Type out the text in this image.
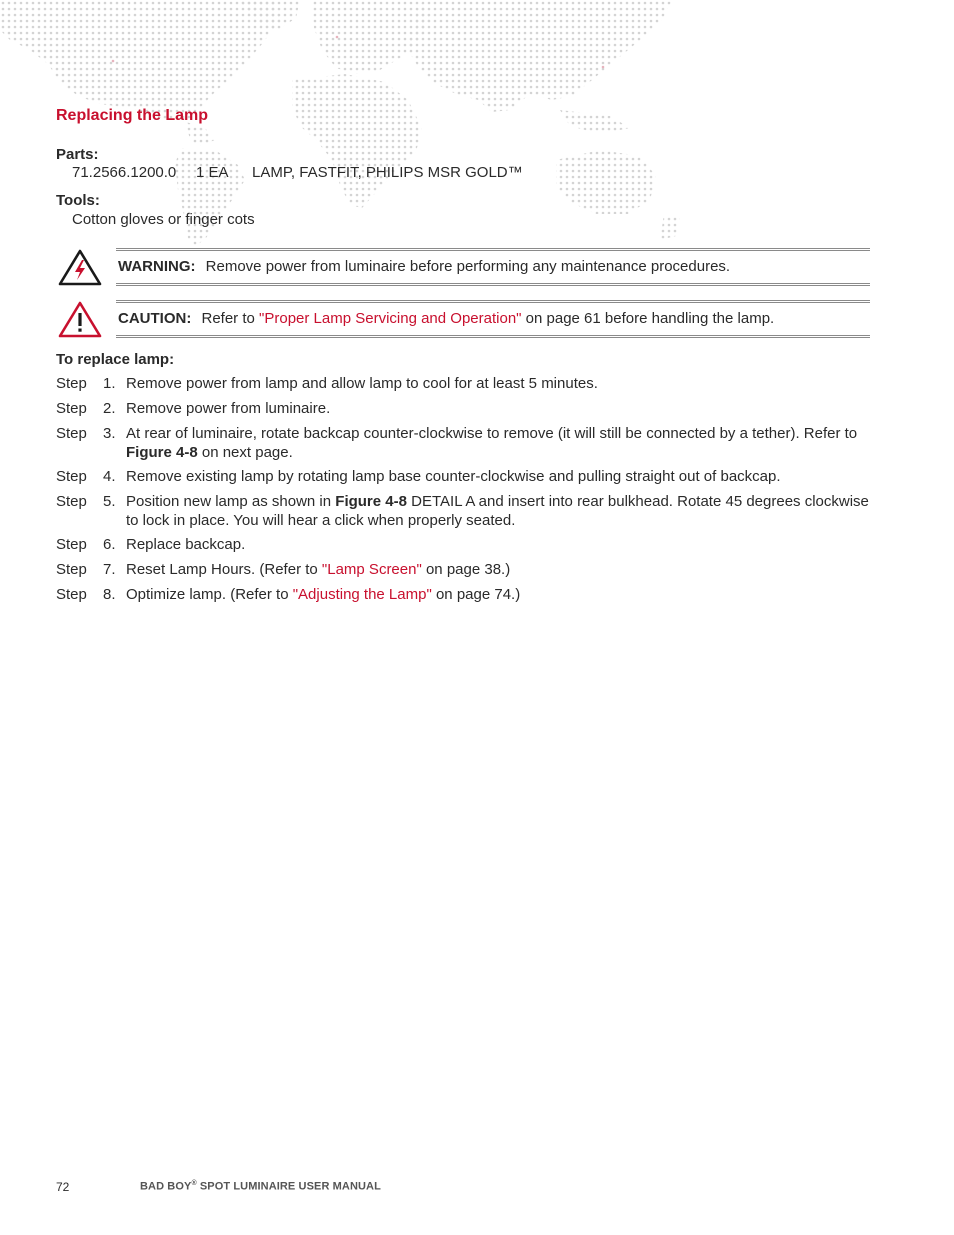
Replacing the Lamp
Parts:
71.2566.1200.0 1 EA LAMP, FASTFIT, PHILIPS MSR GOLD™
Tools:
Cotton gloves or finger cots
WARNING: Remove power from luminaire before performing any maintenance procedures.
CAUTION: Refer to "Proper Lamp Servicing and Operation" on page 61 before handling the lamp.
To replace lamp:
Step 1. Remove power from lamp and allow lamp to cool for at least 5 minutes.
Step 2. Remove power from luminaire.
Step 3. At rear of luminaire, rotate backcap counter-clockwise to remove (it will still be connected by a tether). Refer to Figure 4-8 on next page.
Step 4. Remove existing lamp by rotating lamp base counter-clockwise and pulling straight out of backcap.
Step 5. Position new lamp as shown in Figure 4-8 DETAIL A and insert into rear bulkhead. Rotate 45 degrees clockwise to lock in place. You will hear a click when properly seated.
Step 6. Replace backcap.
Step 7. Reset Lamp Hours. (Refer to "Lamp Screen" on page 38.)
Step 8. Optimize lamp. (Refer to "Adjusting the Lamp" on page 74.)
72	BAD BOY® SPOT LUMINAIRE USER MANUAL
